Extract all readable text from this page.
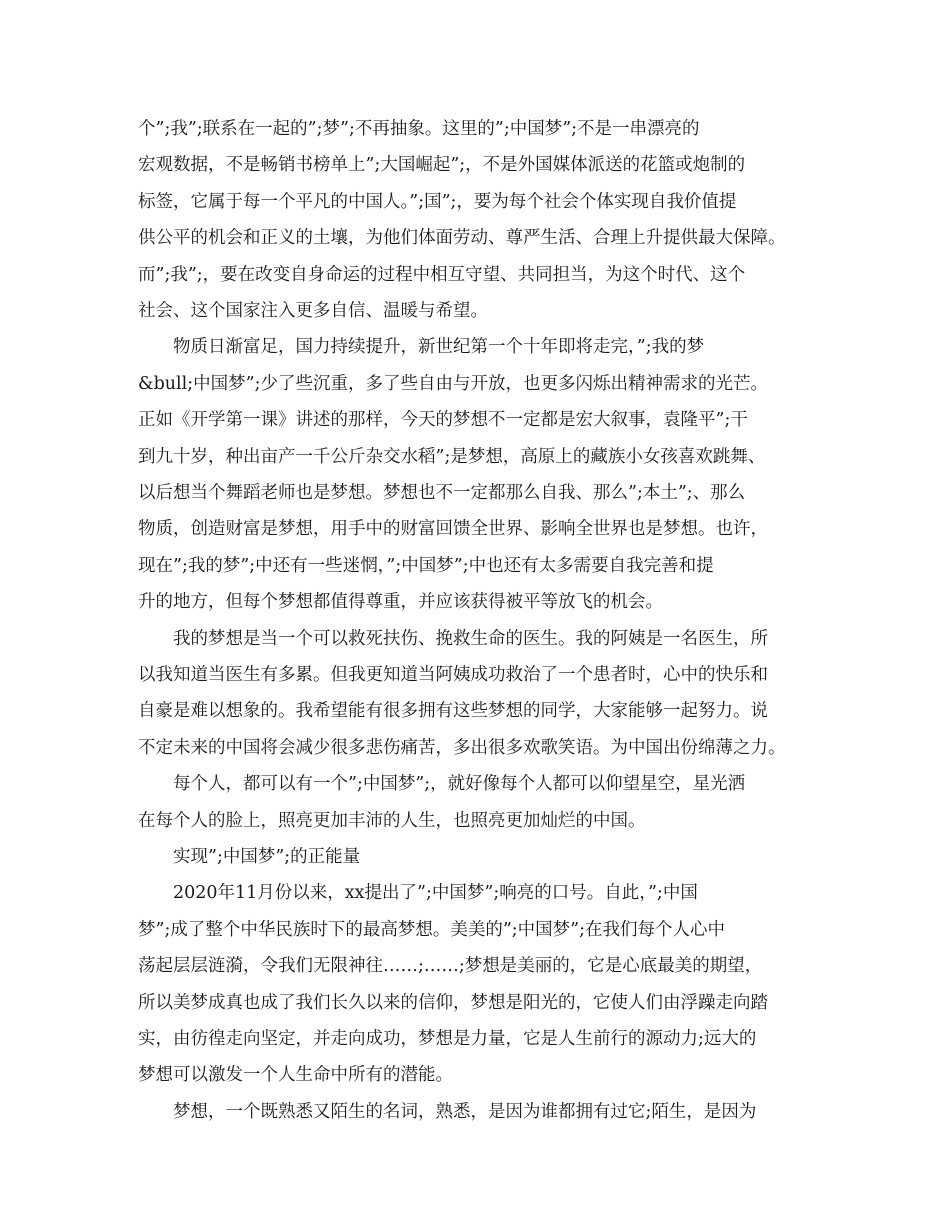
个”;我”;联系在一起的”;梦”;不再抽象。这里的”;中国梦”;不是一串漂亮的
宏观数据，不是畅销书榜单上”;大国崛起”;，不是外国媒体派送的花篮或炮制的
标签，它属于每一个平凡的中国人。”;国”;，要为每个社会个体实现自我价值提
供公平的机会和正义的土壤，为他们体面劳动、尊严生活、合理上升提供最大保障。
而”;我”;，要在改变自身命运的过程中相互守望、共同担当，为这个时代、这个
社会、这个国家注入更多自信、温暖与希望。
物质日渐富足，国力持续提升，新世纪第一个十年即将走完，”;我的梦
&bull;中国梦”;少了些沉重，多了些自由与开放，也更多闪烁出精神需求的光芒。
正如《开学第一课》讲述的那样，今天的梦想不一定都是宏大叙事，袁隆平”;干
到九十岁，种出亩产一千公斤杂交水稻”;是梦想，高原上的藏族小女孩喜欢跳舞、
以后想当个舞蹈老师也是梦想。梦想也不一定都那么自我、那么”;本土”;、那么
物质，创造财富是梦想，用手中的财富回馈全世界、影响全世界也是梦想。也许，
现在”;我的梦”;中还有一些迷惘，”;中国梦”;中也还有太多需要自我完善和提
升的地方，但每个梦想都值得尊重，并应该获得被平等放飞的机会。
我的梦想是当一个可以救死扶伤、挽救生命的医生。我的阿姨是一名医生，所
以我知道当医生有多累。但我更知道当阿姨成功救治了一个患者时，心中的快乐和
自豪是难以想象的。我希望能有很多拥有这些梦想的同学，大家能够一起努力。说
不定未来的中国将会减少很多悲伤痛苦，多出很多欢歌笑语。为中国出份绵薄之力。
每个人，都可以有一个”;中国梦”;，就好像每个人都可以仰望星空，星光洒
在每个人的脸上，照亮更加丰沛的人生，也照亮更加灿烂的中国。
实现”;中国梦”;的正能量
2020年11月份以来，xx提出了”;中国梦”;响亮的口号。自此，”;中国
梦”;成了整个中华民族时下的最高梦想。美美的”;中国梦”;在我们每个人心中
荡起层层涟漪，令我们无限神往……;……;梦想是美丽的，它是心底最美的期望，
所以美梦成真也成了我们长久以来的信仰，梦想是阳光的，它使人们由浮躁走向踏
实，由彷徨走向坚定，并走向成功，梦想是力量，它是人生前行的源动力;远大的
梦想可以激发一个人生命中所有的潜能。
梦想，一个既熟悉又陌生的名词，熟悉，是因为谁都拥有过它;陌生，是因为
